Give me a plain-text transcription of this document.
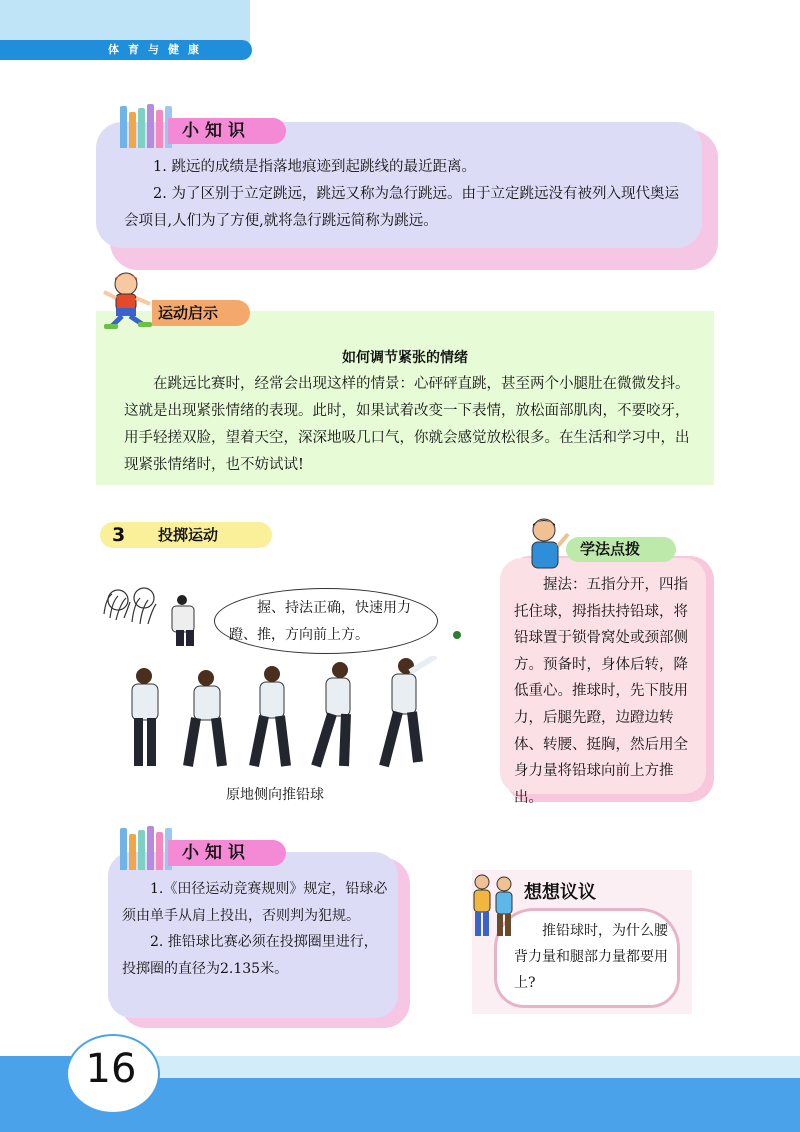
体育与健康

1. 跳远的成绩是指落地痕迹到起跳线的最近距离。

2. 为了区别于立定跳远，跳远又称为急行跳远。由于立定跳远没有被列入现代奥运会项目,人们为了方便,就将急行跳远简称为跳远。

小知识
如何调节紧张的情绪

在跳远比赛时，经常会出现这样的情景：心砰砰直跳，甚至两个小腿肚在微微发抖。这就是出现紧张情绪的表现。此时，如果试着改变一下表情，放松面部肌肉，不要咬牙，用手轻搓双脸，望着天空，深深地吸几口气，你就会感觉放松很多。在生活和学习中，出现紧张情绪时，也不妨试试!

运动启示
3 投掷运动

握、持法正确，快速用力蹬、推，方向前上方。

原地侧向推铅球

握法：五指分开，四指托住球，拇指扶持铅球，将铅球置于锁骨窝处或颈部侧方。预备时，身体后转，降低重心。推球时，先下肢用力，后腿先蹬，边蹬边转体、转腰、挺胸，然后用全身力量将铅球向前上方推出。

学法点拨

1.《田径运动竞赛规则》规定，铅球必须由单手从肩上投出，否则判为犯规。

2. 推铅球比赛必须在投掷圈里进行，投掷圈的直径为2.135米。

小知识
想想议议

推铅球时，为什么腰背力量和腿部力量都要用上?

16
